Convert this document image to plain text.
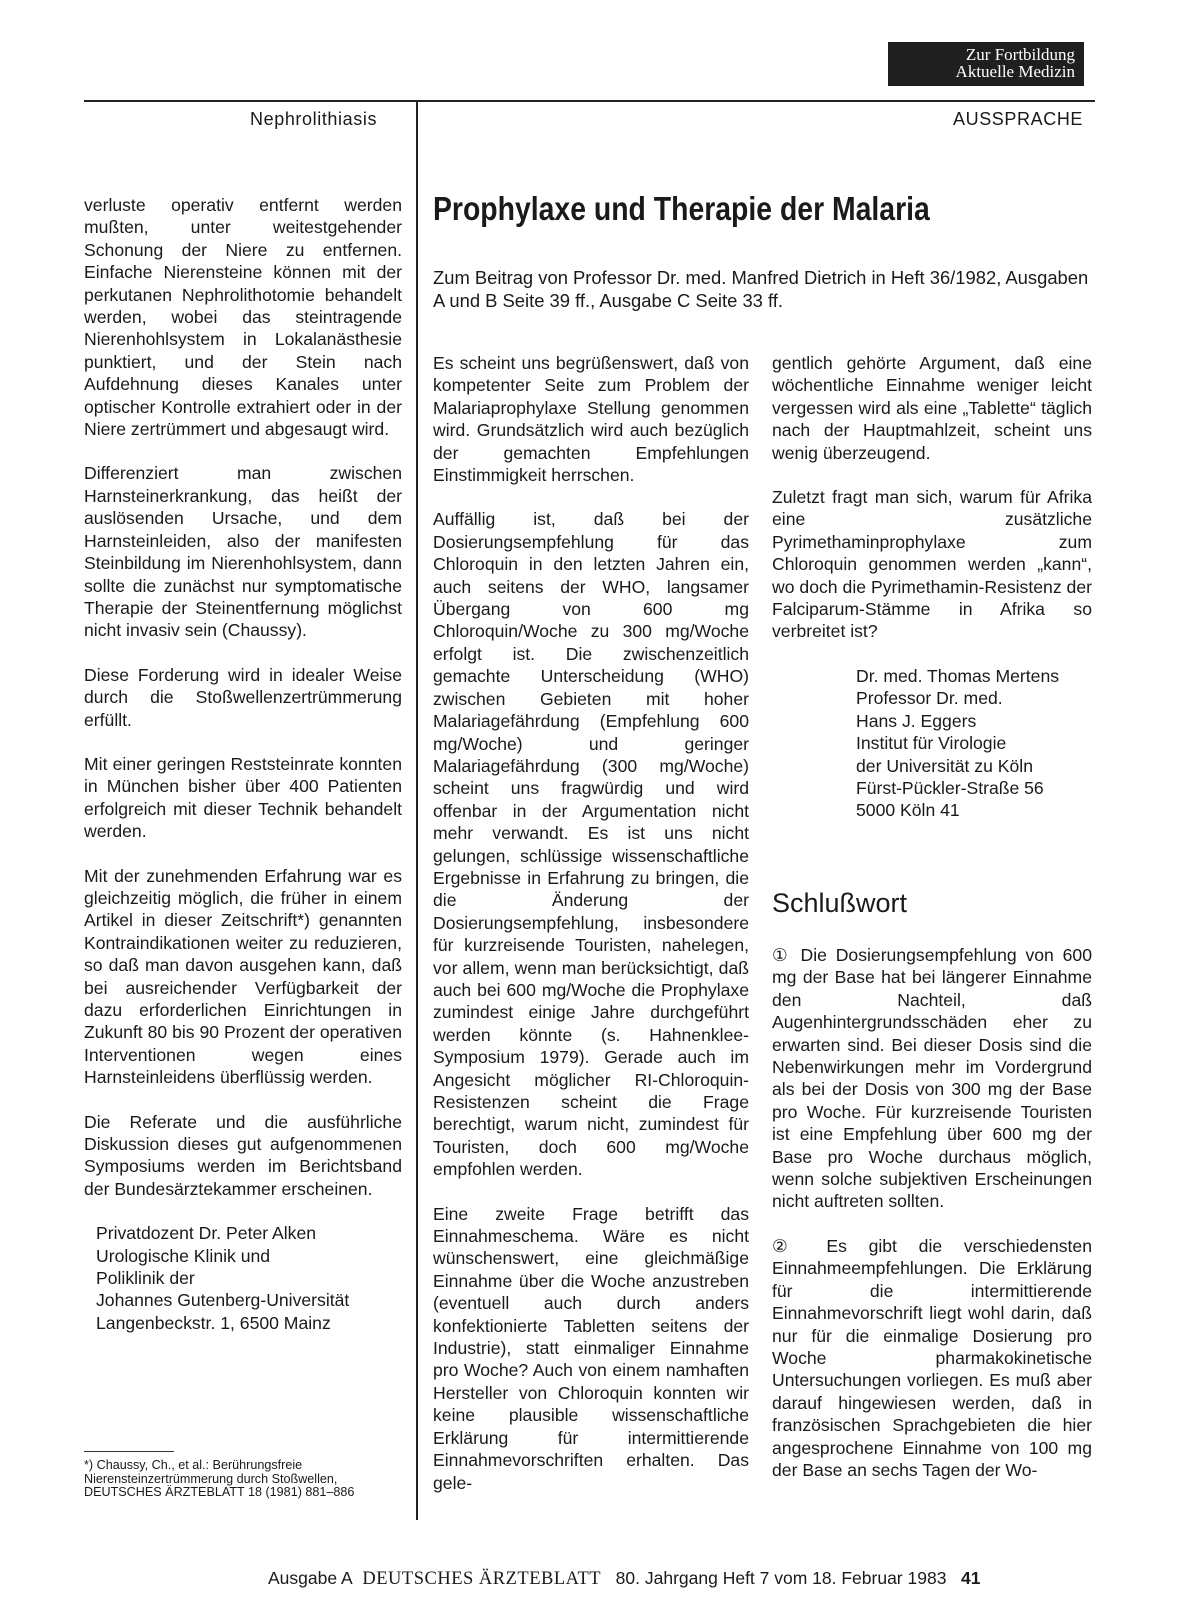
Zur Fortbildung
Aktuelle Medizin
Nephrolithiasis	AUSSPRACHE

verluste operativ entfernt werden mußten, unter weitestgehender Schonung der Niere zu entfernen. Einfache Nierensteine können mit der perkutanen Nephrolithotomie behandelt werden, wobei das steintragende Nierenhohlsystem in Lokalanästhesie punktiert, und der Stein nach Aufdehnung dieses Kanales unter optischer Kontrolle extrahiert oder in der Niere zertrümmert und abgesaugt wird.

Differenziert man zwischen Harnsteinerkrankung, das heißt der auslösenden Ursache, und dem Harnsteinleiden, also der manifesten Steinbildung im Nierenhohlsystem, dann sollte die zunächst nur symptomatische Therapie der Steinentfernung möglichst nicht invasiv sein (Chaussy).

Diese Forderung wird in idealer Weise durch die Stoßwellenzertrümmerung erfüllt.

Mit einer geringen Reststeinrate konnten in München bisher über 400 Patienten erfolgreich mit dieser Technik behandelt werden.

Mit der zunehmenden Erfahrung war es gleichzeitig möglich, die früher in einem Artikel in dieser Zeitschrift*) genannten Kontraindikationen weiter zu reduzieren, so daß man davon ausgehen kann, daß bei ausreichender Verfügbarkeit der dazu erforderlichen Einrichtungen in Zukunft 80 bis 90 Prozent der operativen Interventionen wegen eines Harnsteinleidens überflüssig werden.

Die Referate und die ausführliche Diskussion dieses gut aufgenommenen Symposiums werden im Berichtsband der Bundesärztekammer erscheinen.

Privatdozent Dr. Peter Alken
Urologische Klinik und
Poliklinik der
Johannes Gutenberg-Universität
Langenbeckstr. 1, 6500 Mainz
*) Chaussy, Ch., et al.: Berührungsfreie Nierensteinzertrümmerung durch Stoßwellen, DEUTSCHES ÄRZTEBLATT 18 (1981) 881–886
Prophylaxe und Therapie der Malaria
Zum Beitrag von Professor Dr. med. Manfred Dietrich in Heft 36/1982, Ausgaben A und B Seite 39 ff., Ausgabe C Seite 33 ff.

Es scheint uns begrüßenswert, daß von kompetenter Seite zum Problem der Malariaprophylaxe Stellung genommen wird. Grundsätzlich wird auch bezüglich der gemachten Empfehlungen Einstimmigkeit herrschen.

Auffällig ist, daß bei der Dosierungsempfehlung für das Chloroquin in den letzten Jahren ein, auch seitens der WHO, langsamer Übergang von 600 mg Chloroquin/Woche zu 300 mg/Woche erfolgt ist. Die zwischenzeitlich gemachte Unterscheidung (WHO) zwischen Gebieten mit hoher Malariagefährdung (Empfehlung 600 mg/Woche) und geringer Malariagefährdung (300 mg/Woche) scheint uns fragwürdig und wird offenbar in der Argumentation nicht mehr verwandt. Es ist uns nicht gelungen, schlüssige wissenschaftliche Ergebnisse in Erfahrung zu bringen, die die Änderung der Dosierungsempfehlung, insbesondere für kurzreisende Touristen, nahelegen, vor allem, wenn man berücksichtigt, daß auch bei 600 mg/Woche die Prophylaxe zumindest einige Jahre durchgeführt werden könnte (s. Hahnenklee-Symposium 1979). Gerade auch im Angesicht möglicher RI-Chloroquin-Resistenzen scheint die Frage berechtigt, warum nicht, zumindest für Touristen, doch 600 mg/Woche empfohlen werden.

Eine zweite Frage betrifft das Einnahmeschema. Wäre es nicht wünschenswert, eine gleichmäßige Einnahme über die Woche anzustreben (eventuell auch durch anders konfektionierte Tabletten seitens der Industrie), statt einmaliger Einnahme pro Woche? Auch von einem namhaften Hersteller von Chloroquin konnten wir keine plausible wissenschaftliche Erklärung für intermittierende Einnahmevorschriften erhalten. Das gele-

gentlich gehörte Argument, daß eine wöchentliche Einnahme weniger leicht vergessen wird als eine „Tablette“ täglich nach der Hauptmahlzeit, scheint uns wenig überzeugend.

Zuletzt fragt man sich, warum für Afrika eine zusätzliche Pyrimethaminprophylaxe zum Chloroquin genommen werden „kann“, wo doch die Pyrimethamin-Resistenz der Falciparum-Stämme in Afrika so verbreitet ist?

Dr. med. Thomas Mertens
Professor Dr. med.
Hans J. Eggers
Institut für Virologie
der Universität zu Köln
Fürst-Pückler-Straße 56
5000 Köln 41
Schlußwort

① Die Dosierungsempfehlung von 600 mg der Base hat bei längerer Einnahme den Nachteil, daß Augenhintergrundsschäden eher zu erwarten sind. Bei dieser Dosis sind die Nebenwirkungen mehr im Vordergrund als bei der Dosis von 300 mg der Base pro Woche. Für kurzreisende Touristen ist eine Empfehlung über 600 mg der Base pro Woche durchaus möglich, wenn solche subjektiven Erscheinungen nicht auftreten sollten.

② Es gibt die verschiedensten Einnahmeempfehlungen. Die Erklärung für die intermittierende Einnahmevorschrift liegt wohl darin, daß nur für die einmalige Dosierung pro Woche pharmakokinetische Untersuchungen vorliegen. Es muß aber darauf hingewiesen werden, daß in französischen Sprachgebieten die hier angesprochene Einnahme von 100 mg der Base an sechs Tagen der Wo-

Ausgabe A DEUTSCHES ÄRZTEBLATT 80. Jahrgang Heft 7 vom 18. Februar 1983 41
